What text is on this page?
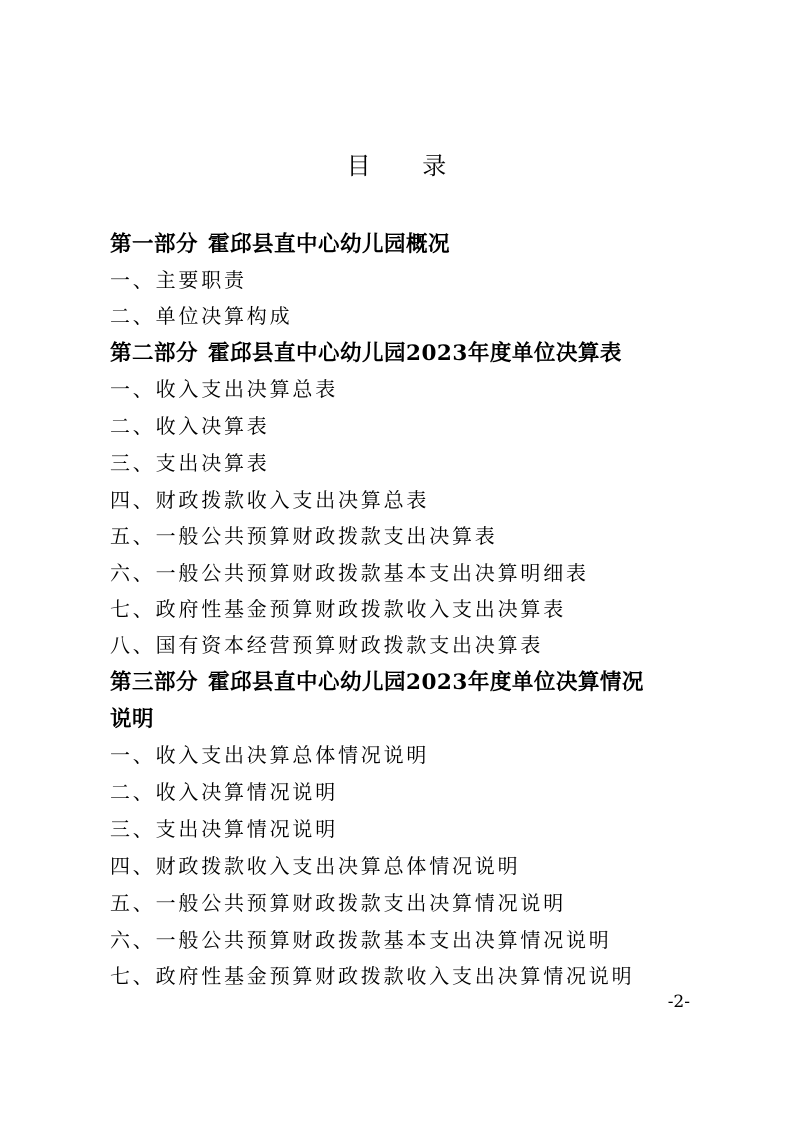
目 录
第一部分 霍邱县直中心幼儿园概况
一、主要职责
二、单位决算构成
第二部分 霍邱县直中心幼儿园2023年度单位决算表
一、收入支出决算总表
二、收入决算表
三、支出决算表
四、财政拨款收入支出决算总表
五、一般公共预算财政拨款支出决算表
六、一般公共预算财政拨款基本支出决算明细表
七、政府性基金预算财政拨款收入支出决算表
八、国有资本经营预算财政拨款支出决算表
第三部分 霍邱县直中心幼儿园2023年度单位决算情况
说明
一、收入支出决算总体情况说明
二、收入决算情况说明
三、支出决算情况说明
四、财政拨款收入支出决算总体情况说明
五、一般公共预算财政拨款支出决算情况说明
六、一般公共预算财政拨款基本支出决算情况说明
七、政府性基金预算财政拨款收入支出决算情况说明
-2-
